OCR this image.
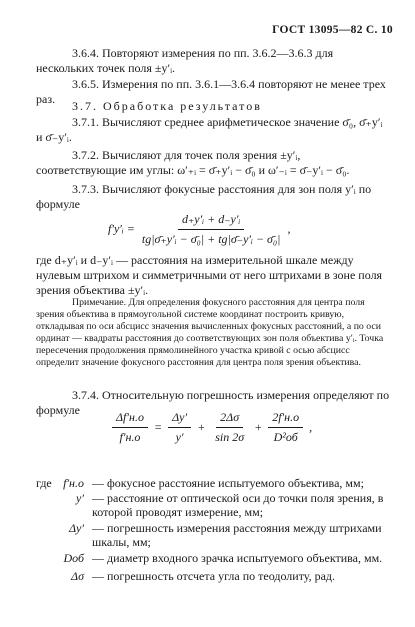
ГОСТ 13095—82 С. 10
3.6.4. Повторяют измерения по пп. 3.6.2—3.6.3 для нескольких точек поля ±y′ᵢ.
3.6.5. Измерения по пп. 3.6.1—3.6.4 повторяют не менее трех раз.	3.7. Обработка результатов
3.7.1. Вычисляют среднее арифметическое значение σ̄₀, σ̄₊y′ᵢ и σ̄₋y′ᵢ.
3.7.2. Вычисляют для точек поля зрения ±y′ᵢ, соответствующие им углы: ω′₊ᵢ = σ̄₊y′ᵢ − σ̄₀ и ω′₋ᵢ = σ̄₋y′ᵢ − σ̄₀.
3.7.3. Вычисляют фокусные расстояния для зон поля y′ᵢ по формуле
f′y′ᵢ = $\frac{\text{d₊y′ᵢ + d₋y′ᵢ}}{\text{tg|σ̄₊y′ᵢ − σ̄₀| + tg|σ̄₋y′ᵢ − σ̄₀|}}$ ,
где d₊y′ᵢ и d₋y′ᵢ — расстояния на измерительной шкале между нулевым штрихом и симметричными от него штрихами в зоне поля зрения объектива ±y′ᵢ.
Примечание. Для определения фокусного расстояния для центра поля зрения объектива в прямоугольной системе координат построить кривую, откладывая по оси абсцисс значения вычисленных фокусных расстояний, а по оси ординат — квадраты расстояния до соответствующих зон поля объектива y′ᵢ. Точка пересечения продолжения прямолинейного участка кривой с осью абсцисс определит значение фокусного расстояния для центра поля зрения объектива.
3.7.4. Относительную погрешность измерения определяют по формуле	$\frac{\Delta f'н.о}{f'н.о} = \frac{\Delta y'}{y'} + \frac{2\Delta\sigma}{\sin 2\sigma} + \frac{2f'н.о}{\text{D²об}}$ ,
где f′н.о — фокусное расстояние испытуемого объектива, мм;
y′ — расстояние от оптической оси до точки поля зрения, в которой проводят измерение, мм;
Δy′ — погрешность измерения расстояния между штрихами шкалы, мм;
Dоб — диаметр входного зрачка испытуемого объектива, мм.
Δσ — погрешность отсчета угла по теодолиту, рад.
